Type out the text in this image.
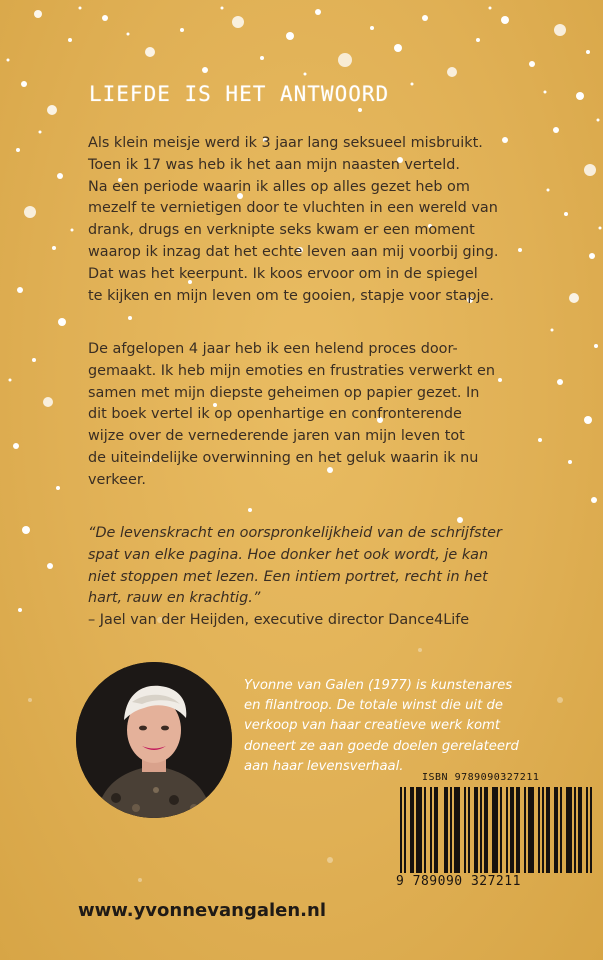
LIEFDE IS HET ANTWOORD
Als klein meisje werd ik 3 jaar lang seksueel misbruikt.
Toen ik 17 was heb ik het aan mijn naasten verteld.
Na een periode waarin ik alles op alles gezet heb om
mezelf te vernietigen door te vluchten in een wereld van
drank, drugs en verknipte seks kwam er een moment
waarop ik inzag dat het echte leven aan mij voorbij ging.
Dat was het keerpunt. Ik koos ervoor om in de spiegel
te kijken en mijn leven om te gooien, stapje voor stapje.
De afgelopen 4 jaar heb ik een helend proces door-
gemaakt. Ik heb mijn emoties en frustraties verwerkt en
samen met mijn diepste geheimen op papier gezet. In
dit boek vertel ik op openhartige en confronterende
wijze over de vernederende jaren van mijn leven tot
de uiteindelijke overwinning en het geluk waarin ik nu
verkeer.
“De levenskracht en oorspronkelijkheid van de schrijfster
spat van elke pagina. Hoe donker het ook wordt, je kan
niet stoppen met lezen. Een intiem portret, recht in het
hart, rauw en krachtig.”
– Jael van der Heijden, executive director Dance4Life
Yvonne van Galen (1977) is kunstenares
en filantroop. De totale winst die uit de
verkoop van haar creatieve werk komt
doneert ze aan goede doelen gerelateerd
aan haar levensverhaal.
ISBN 9789090327211
9 789090 327211
www.yvonnevangalen.nl
